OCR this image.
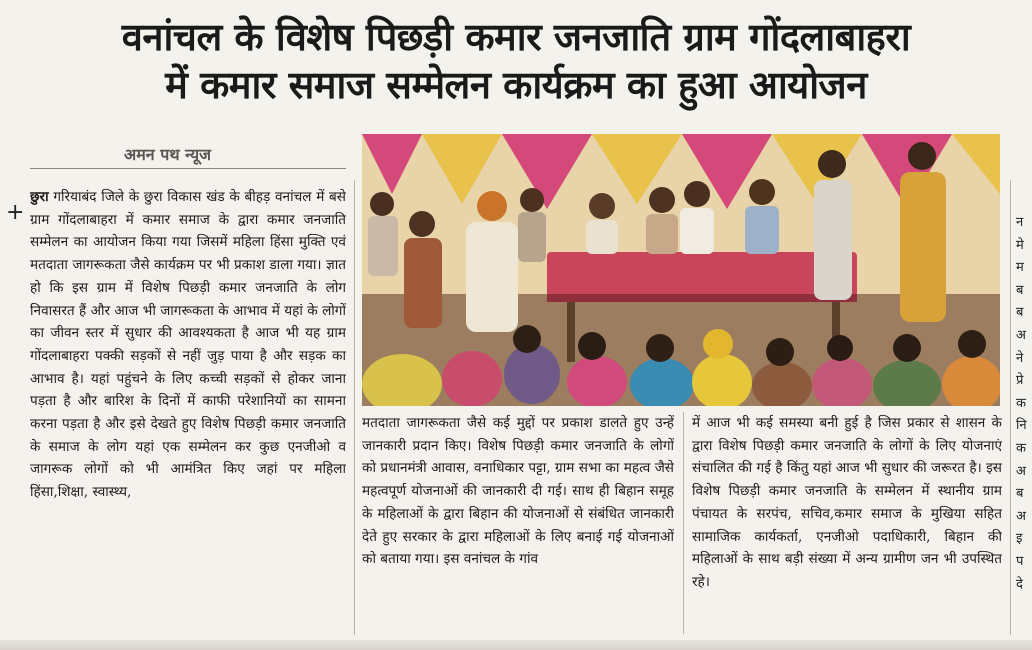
वनांचल के विशेष पिछड़ी कमार जनजाति ग्राम गोंदलाबाहरा
में कमार समाज सम्मेलन कार्यक्रम का हुआ आयोजन
अमन पथ न्यूज
+

छुरा गरियाबंद जिले के छुरा विकास खंड के बीहड़ वनांचल में बसे ग्राम गोंदलाबाहरा में कमार समाज के द्वारा कमार जनजाति सम्मेलन का आयोजन किया गया जिसमें महिला हिंसा मुक्ति एवं मतदाता जागरूकता जैसे कार्यक्रम पर भी प्रकाश डाला गया। ज्ञात हो कि इस ग्राम में विशेष पिछड़ी कमार जनजाति के लोग निवासरत हैं और आज भी जागरूकता के आभाव में यहां के लोगों का जीवन स्तर में सुधार की आवश्यकता है आज भी यह ग्राम गोंदलाबाहरा पक्की सड़कों से नहीं जुड़ पाया है और सड़क का आभाव है। यहां पहुंचने के लिए कच्ची सड़कों से होकर जाना पड़ता है और बारिश के दिनों में काफी परेशानियों का सामना करना पड़ता है और इसे देखते हुए विशेष पिछड़ी कमार जनजाति के समाज के लोग यहां एक सम्मेलन कर कुछ एनजीओ व जागरूक लोगों को भी आमंत्रित किए जहां पर महिला हिंसा,शिक्षा, स्वास्थ्य,

मतदाता जागरूकता जैसे कई मुद्दों पर प्रकाश डालते हुए उन्हें जानकारी प्रदान किए। विशेष पिछड़ी कमार जनजाति के लोगों को प्रधानमंत्री आवास, वनाधिकार पट्टा, ग्राम सभा का महत्व जैसे महत्वपूर्ण योजनाओं की जानकारी दी गई। साथ ही बिहान समूह के महिलाओं के द्वारा बिहान की योजनाओं से संबंधित जानकारी देते हुए सरकार के द्वारा महिलाओं के लिए बनाई गई योजनाओं को बताया गया। इस वनांचल के गांव

में आज भी कई समस्या बनी हुई है जिस प्रकार से शासन के द्वारा विशेष पिछड़ी कमार जनजाति के लोगों के लिए योजनाएं संचालित की गई है किंतु यहां आज भी सुधार की जरूरत है। इस विशेष पिछड़ी कमार जनजाति के सम्मेलन में स्थानीय ग्राम पंचायत के सरपंच, सचिव,कमार समाज के मुखिया सहित सामाजिक कार्यकर्ता, एनजीओ पदाधिकारी, बिहान की महिलाओं के साथ बड़ी संख्या में अन्य ग्रामीण जन भी उपस्थित रहे।

न
मे
म
ब
ब
अ
ने
प्रे
क
नि
क
अ
ब
अ
इ
प
दे
